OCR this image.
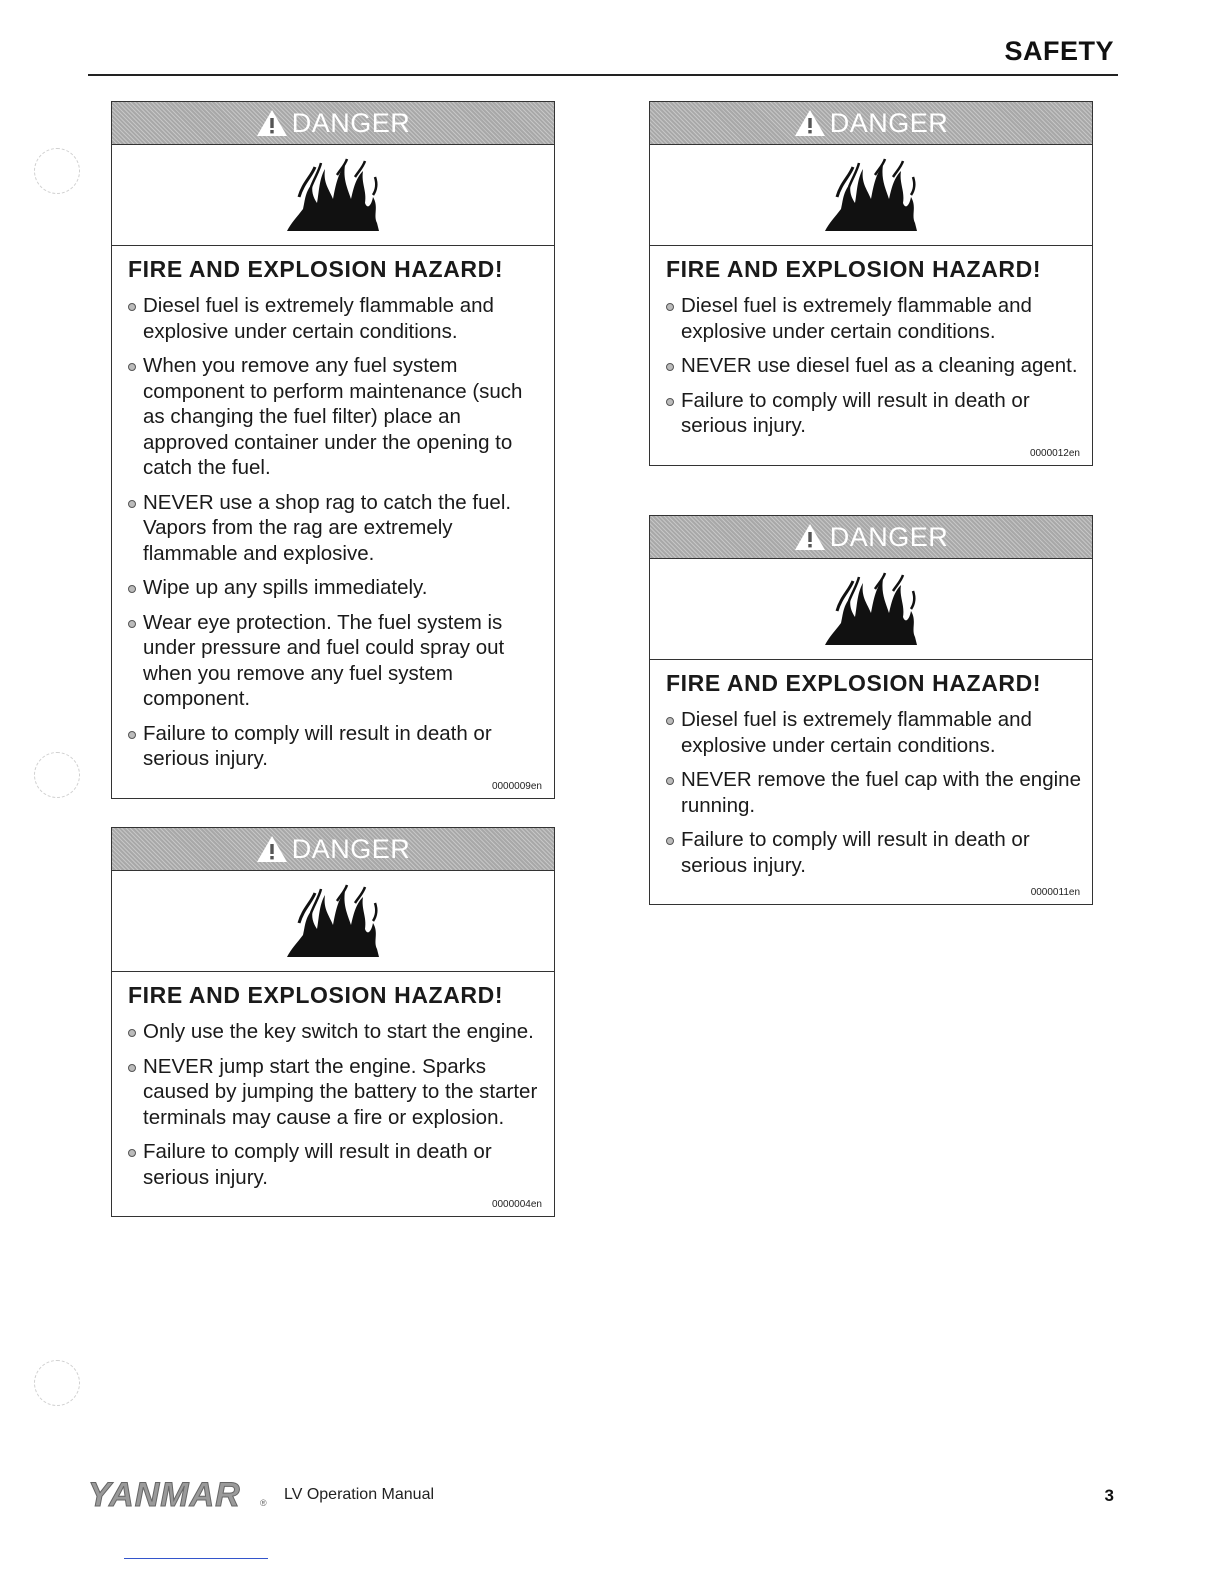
SAFETY
DANGER
FIRE AND EXPLOSION HAZARD!
Diesel fuel is extremely flammable and explosive under certain conditions.
When you remove any fuel system component to perform maintenance (such as changing the fuel filter) place an approved container under the opening to catch the fuel.
NEVER use a shop rag to catch the fuel. Vapors from the rag are extremely flammable and explosive.
Wipe up any spills immediately.
Wear eye protection. The fuel system is under pressure and fuel could spray out when you remove any fuel system component.
Failure to comply will result in death or serious injury.
0000009en
DANGER
FIRE AND EXPLOSION HAZARD!
Only use the key switch to start the engine.
NEVER jump start the engine. Sparks caused by jumping the battery to the starter terminals may cause a fire or explosion.
Failure to comply will result in death or serious injury.
0000004en
DANGER
FIRE AND EXPLOSION HAZARD!
Diesel fuel is extremely flammable and explosive under certain conditions.
NEVER use diesel fuel as a cleaning agent.
Failure to comply will result in death or serious injury.
0000012en
DANGER
FIRE AND EXPLOSION HAZARD!
Diesel fuel is extremely flammable and explosive under certain conditions.
NEVER remove the fuel cap with the engine running.
Failure to comply will result in death or serious injury.
0000011en
YANMAR ® LV Operation Manual	3
